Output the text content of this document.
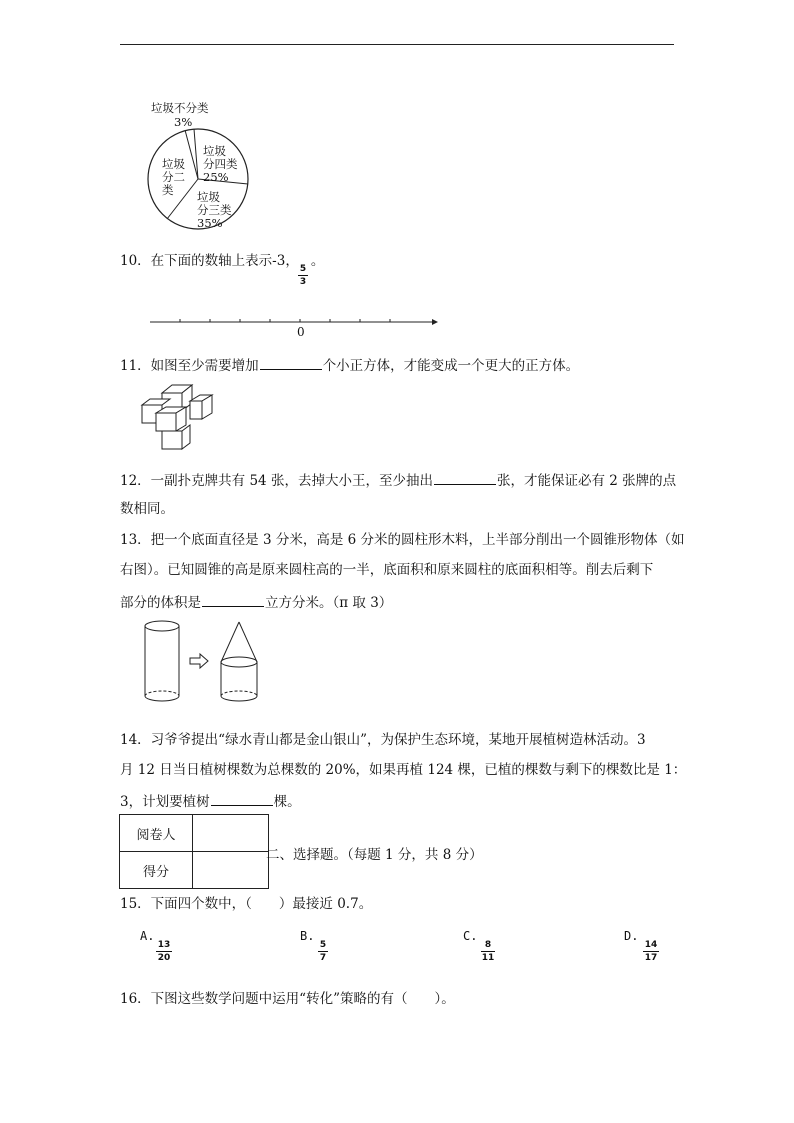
垃圾不分类
3%
垃圾
分二
类
垃圾
分四类
25%
垃圾
分三类
35%
10．在下面的数轴上表示-3， 。
5
3
0
11．如图至少需要增加	个小正方体，才能变成一个更大的正方体。
12．一副扑克牌共有 54 张，去掉大小王，至少抽出	张，才能保证必有 2 张牌的点
数相同。
13．把一个底面直径是 3 分米，高是 6 分米的圆柱形木料，上半部分削出一个圆锥形物体（如
右图）。已知圆锥的高是原来圆柱高的一半，底面积和原来圆柱的底面积相等。削去后剩下
部分的体积是	立方分米。（π 取 3）
14．习爷爷提出“绿水青山都是金山银山”，为保护生态环境，某地开展植树造林活动。3
月 12 日当日植树棵数为总棵数的 20%，如果再植 124 棵，已植的棵数与剩下的棵数比是 1：
3，计划要植树	棵。
阅卷人	
得分	
二、选择题。（每题 1 分，共 8 分）
15．下面四个数中，（　　）最接近 0.7。
A.
13
20
B.
5
7
C.
8
11
D.
14
17
16．下图这些数学问题中运用“转化”策略的有（　　）。
